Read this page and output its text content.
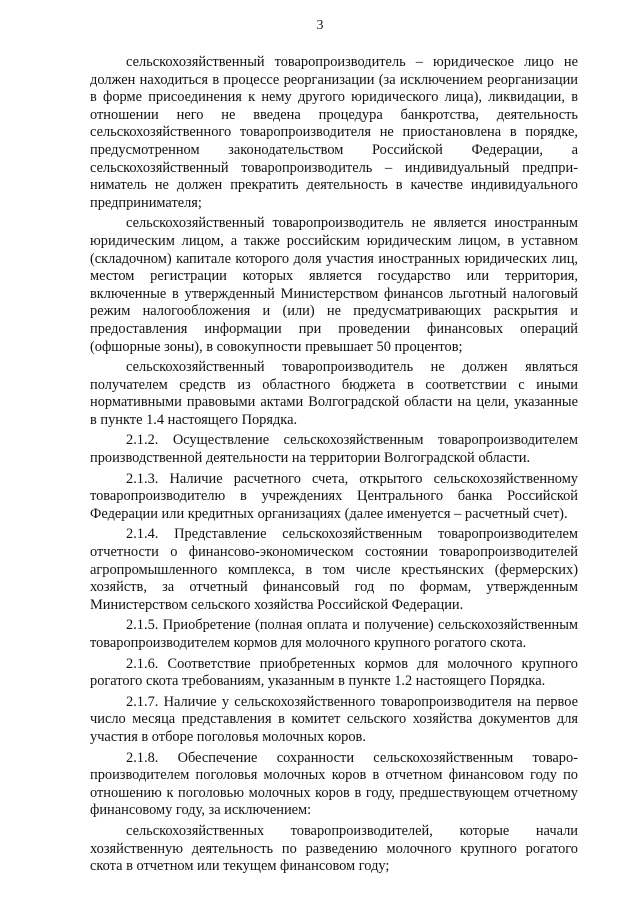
3

сельскохозяйственный товаропроизводитель – юридическое лицо не должен находиться в процессе реорганизации (за исключением реорганизации в форме присоединения к нему другого юридического лица), ликвидации, в отношении него не введена процедура банкротства, деятельность сельскохозяйственного товаропроизводителя не приостановлена в порядке, предусмотренном законодательством Российской Федерации, а сельскохозяйственный товаропроизводитель – индивидуальный предприниматель не должен прекратить деятельность в качестве индивидуального предпринимателя;

сельскохозяйственный товаропроизводитель не является иностранным юридическим лицом, а также российским юридическим лицом, в уставном (складочном) капитале которого доля участия иностранных юридических лиц, местом регистрации которых является государство или территория, включенные в утвержденный Министерством финансов льготный налоговый режим налогообложения и (или) не предусматривающих раскрытия и предоставления информации при проведении финансовых операций (офшорные зоны), в совокупности превышает 50 процентов;

сельскохозяйственный товаропроизводитель не должен являться получателем средств из областного бюджета в соответствии с иными нормативными правовыми актами Волгоградской области на цели, указанные в пункте 1.4 настоящего Порядка.

2.1.2. Осуществление сельскохозяйственным товаропроизводителем производственной деятельности на территории Волгоградской области.

2.1.3. Наличие расчетного счета, открытого сельскохозяйственному товаропроизводителю в учреждениях Центрального банка Российской Федерации или кредитных организациях (далее именуется – расчетный счет).

2.1.4. Представление сельскохозяйственным товаропроизводителем отчетности о финансово-экономическом состоянии товаропроизводителей агропромышленного комплекса, в том числе крестьянских (фермерских) хозяйств, за отчетный финансовый год по формам, утвержденным Министерством сельского хозяйства Российской Федерации.

2.1.5. Приобретение (полная оплата и получение) сельскохозяйственным товаропроизводителем кормов для молочного крупного рогатого скота.

2.1.6. Соответствие приобретенных кормов для молочного крупного рогатого скота требованиям, указанным в пункте 1.2 настоящего Порядка.

2.1.7. Наличие у сельскохозяйственного товаропроизводителя на первое число месяца представления в комитет сельского хозяйства документов для участия в отборе поголовья молочных коров.

2.1.8. Обеспечение сохранности сельскохозяйственным товаропроизводителем поголовья молочных коров в отчетном финансовом году по отношению к поголовью молочных коров в году, предшествующем отчетному финансовому году, за исключением:

сельскохозяйственных товаропроизводителей, которые начали хозяйственную деятельность по разведению молочного крупного рогатого скота в отчетном или текущем финансовом году;
